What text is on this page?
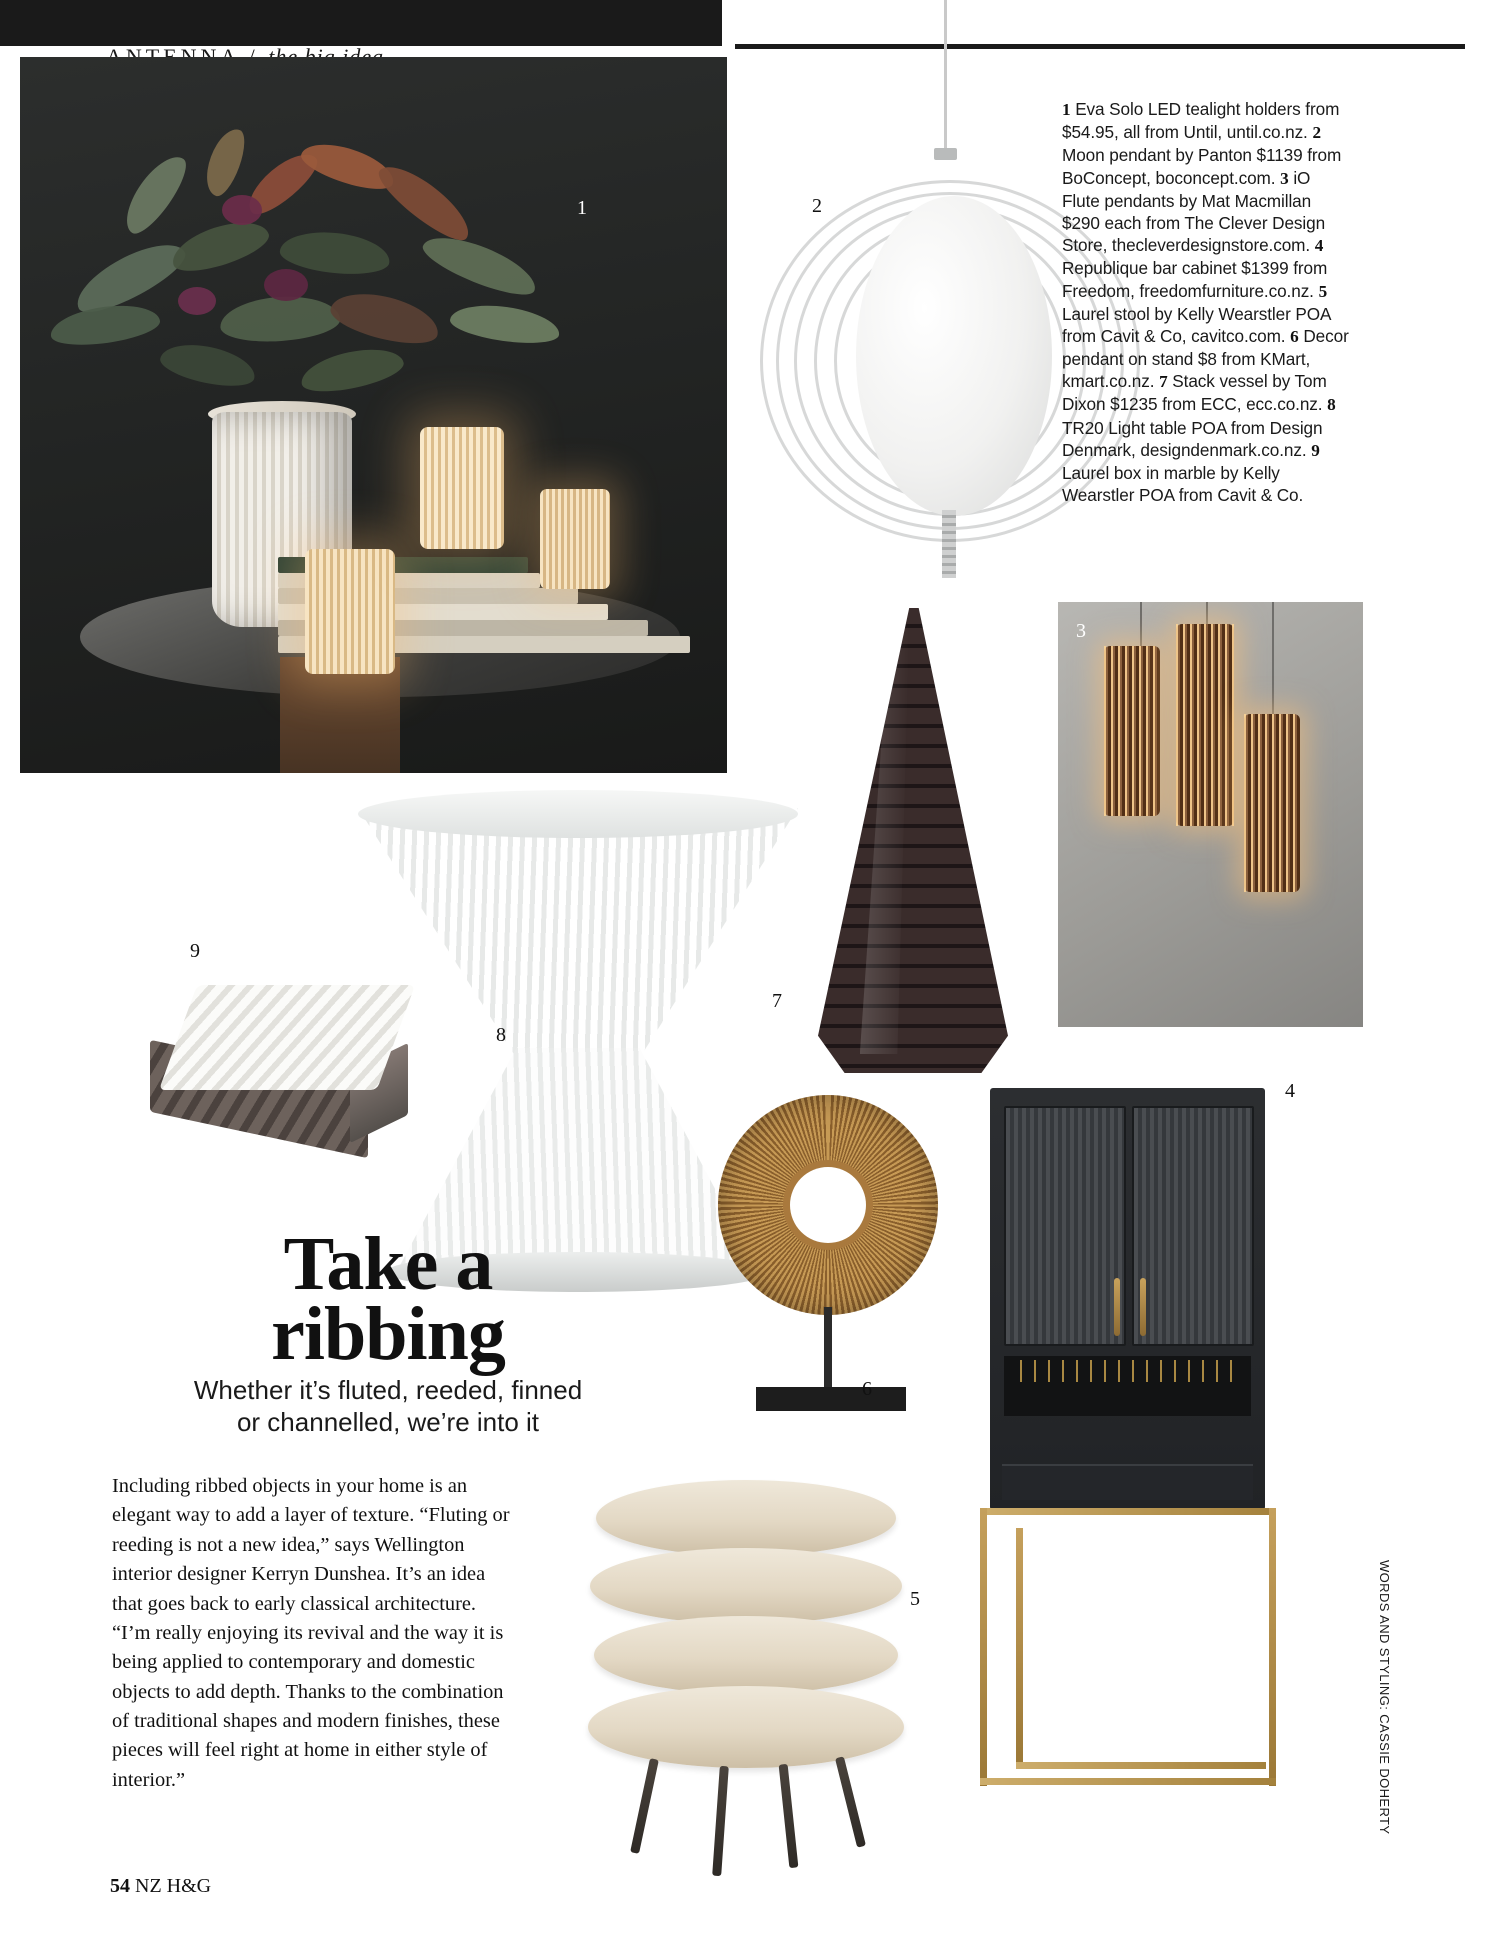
1	2
1 Eva Solo LED tealight holders from $54.95, all from Until, until.co.nz. 2 Moon pendant by Panton $1139 from BoConcept, boconcept.com. 3 iO Flute pendants by Mat Macmillan $290 each from The Clever Design Store, thecleverdesignstore.com. 4 Republique bar cabinet $1399 from Freedom, freedomfurniture.co.nz. 5 Laurel stool by Kelly Wearstler POA from Cavit & Co, cavitco.com. 6 Decor pendant on stand $8 from KMart, kmart.co.nz. 7 Stack vessel by Tom Dixon $1235 from ECC, ecc.co.nz. 8 TR20 Light table POA from Design Denmark, designdenmark.co.nz. 9 Laurel box in marble by Kelly Wearstler POA from Cavit & Co.
3
7
9
8
6
5
4
Take a
ribbing
Whether it’s fluted, reeded, finned
or channelled, we’re into it
Including ribbed objects in your home is an elegant way to add a layer of texture. “Fluting or reeding is not a new idea,” says Wellington interior designer Kerryn Dunshea. It’s an idea that goes back to early classical architecture. “I’m really enjoying its revival and the way it is being applied to contemporary and domestic objects to add depth. Thanks to the combination of traditional shapes and modern finishes, these pieces will feel right at home in either style of interior.”
54 NZ H&G
WORDS AND STYLING: CASSIE DOHERTY
